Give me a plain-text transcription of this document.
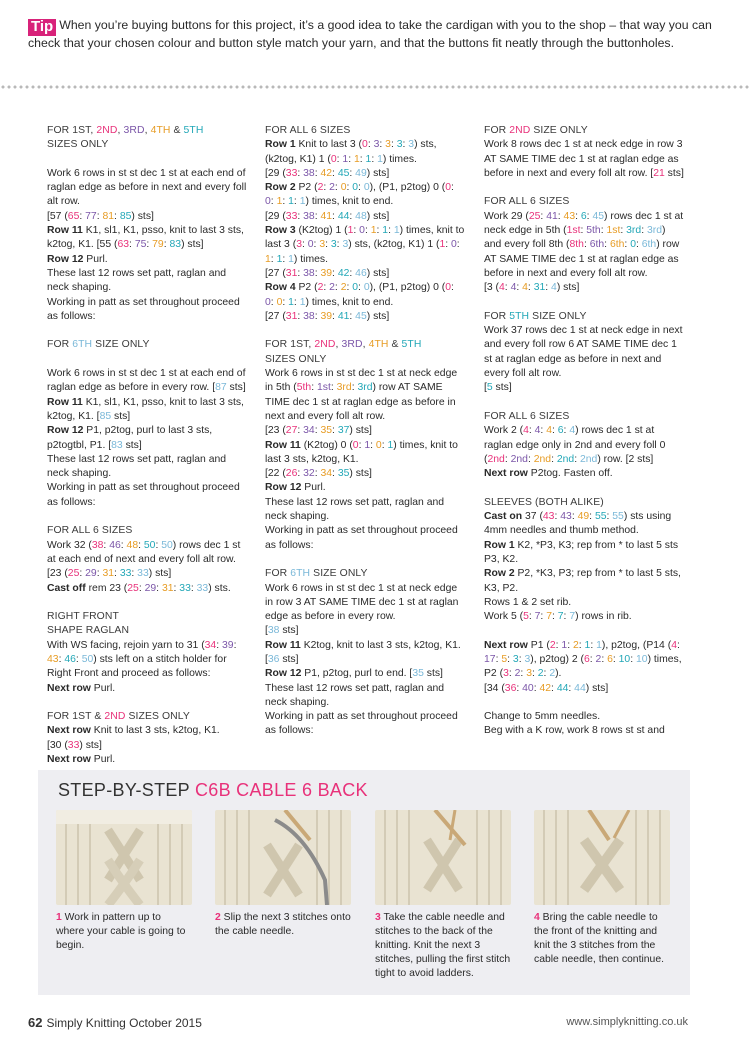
Tip When you’re buying buttons for this project, it’s a good idea to take the cardigan with you to the shop – that way you can check that your chosen colour and button style match your yarn, and that the buttons fit neatly through the buttonholes.

FOR 1ST, 2ND, 3RD, 4TH & 5TH
SIZES ONLY

Work 6 rows in st st dec 1 st at each end of raglan edge as before in next and every foll alt row.
[57 (65: 77: 81: 85) sts]
Row 11 K1, sl1, K1, psso, knit to last 3 sts, k2tog, K1. [55 (63: 75: 79: 83) sts]
Row 12 Purl.
These last 12 rows set patt, raglan and neck shaping.
Working in patt as set throughout proceed as follows:

FOR 6TH SIZE ONLY

Work 6 rows in st st dec 1 st at each end of raglan edge as before in every row. [87 sts]
Row 11 K1, sl1, K1, psso, knit to last 3 sts, k2tog, K1. [85 sts]
Row 12 P1, p2tog, purl to last 3 sts, p2togtbl, P1. [83 sts]
These last 12 rows set patt, raglan and neck shaping.
Working in patt as set throughout proceed as follows:

FOR ALL 6 SIZES

Work 32 (38: 46: 48: 50: 50) rows dec 1 st at each end of next and every foll alt row. [23 (25: 29: 31: 33: 33) sts]
Cast off rem 23 (25: 29: 31: 33: 33) sts.
RIGHT FRONT
SHAPE RAGLAN
With WS facing, rejoin yarn to 31 (34: 39: 43: 46: 50) sts left on a stitch holder for Right Front and proceed as follows:
Next row Purl.

FOR 1ST & 2ND SIZES ONLY

Next row Knit to last 3 sts, k2tog, K1.
[30 (33) sts]
Next row Purl.

FOR ALL 6 SIZES

Row 1 Knit to last 3 (0: 3: 3: 3: 3) sts, (k2tog, K1) 1 (0: 1: 1: 1: 1) times.
[29 (33: 38: 42: 45: 49) sts]
Row 2 P2 (2: 2: 0: 0: 0), (P1, p2tog) 0 (0: 0: 1: 1: 1) times, knit to end.
[29 (33: 38: 41: 44: 48) sts]
Row 3 (K2tog) 1 (1: 0: 1: 1: 1) times, knit to last 3 (3: 0: 3: 3: 3) sts, (k2tog, K1) 1 (1: 0: 1: 1: 1) times.
[27 (31: 38: 39: 42: 46) sts]
Row 4 P2 (2: 2: 2: 0: 0), (P1, p2tog) 0 (0: 0: 0: 1: 1) times, knit to end.
[27 (31: 38: 39: 41: 45) sts]

FOR 1ST, 2ND, 3RD, 4TH & 5TH
SIZES ONLY

Work 6 rows in st st dec 1 st at neck edge in 5th (5th: 1st: 3rd: 3rd) row AT SAME TIME dec 1 st at raglan edge as before in next and every foll alt row.
[23 (27: 34: 35: 37) sts]
Row 11 (K2tog) 0 (0: 1: 0: 1) times, knit to last 3 sts, k2tog, K1.
[22 (26: 32: 34: 35) sts]
Row 12 Purl.
These last 12 rows set patt, raglan and neck shaping.
Working in patt as set throughout proceed as follows:

FOR 6TH SIZE ONLY

Work 6 rows in st st dec 1 st at neck edge in row 3 AT SAME TIME dec 1 st at raglan edge as before in every row.
[38 sts]
Row 11 K2tog, knit to last 3 sts, k2tog, K1. [36 sts]
Row 12 P1, p2tog, purl to end. [35 sts]
These last 12 rows set patt, raglan and neck shaping.
Working in patt as set throughout proceed as follows:

FOR 2ND SIZE ONLY

Work 8 rows dec 1 st at neck edge in row 3 AT SAME TIME dec 1 st at raglan edge as before in next and every foll alt row. [21 sts]

FOR ALL 6 SIZES

Work 29 (25: 41: 43: 6: 45) rows dec 1 st at neck edge in 5th (1st: 5th: 1st: 3rd: 3rd) and every foll 8th (8th: 6th: 6th: 0: 6th) row AT SAME TIME dec 1 st at raglan edge as before in next and every foll alt row.
[3 (4: 4: 4: 31: 4) sts]

FOR 5TH SIZE ONLY

Work 37 rows dec 1 st at neck edge in next and every foll row 6 AT SAME TIME dec 1 st at raglan edge as before in next and every foll alt row.
[5 sts]

FOR ALL 6 SIZES

Work 2 (4: 4: 4: 6: 4) rows dec 1 st at raglan edge only in 2nd and every foll 0 (2nd: 2nd: 2nd: 2nd: 2nd) row. [2 sts]
Next row P2tog. Fasten off.

SLEEVES (BOTH ALIKE)

Cast on 37 (43: 43: 49: 55: 55) sts using 4mm needles and thumb method.
Row 1 K2, *P3, K3; rep from * to last 5 sts P3, K2.
Row 2 P2, *K3, P3; rep from * to last 5 sts, K3, P2.
Rows 1 & 2 set rib.
Work 5 (5: 7: 7: 7: 7) rows in rib.
Next row P1 (2: 1: 2: 1: 1), p2tog, (P14 (4: 17: 5: 3: 3), p2tog) 2 (6: 2: 6: 10: 10) times, P2 (3: 2: 3: 2: 2).
[34 (36: 40: 42: 44: 44) sts]
Change to 5mm needles.
Beg with a K row, work 8 rows st st and
STEP-BY-STEP C6B CABLE 6 BACK
1 Work in pattern up to where your cable is going to begin.
2 Slip the next 3 stitches onto the cable needle.
3 Take the cable needle and stitches to the back of the knitting. Knit the next 3 stitches, pulling the first stitch tight to avoid ladders.
4 Bring the cable needle to the front of the knitting and knit the 3 stitches from the cable needle, then continue.
62 Simply Knitting October 2015	www.simplyknitting.co.uk
